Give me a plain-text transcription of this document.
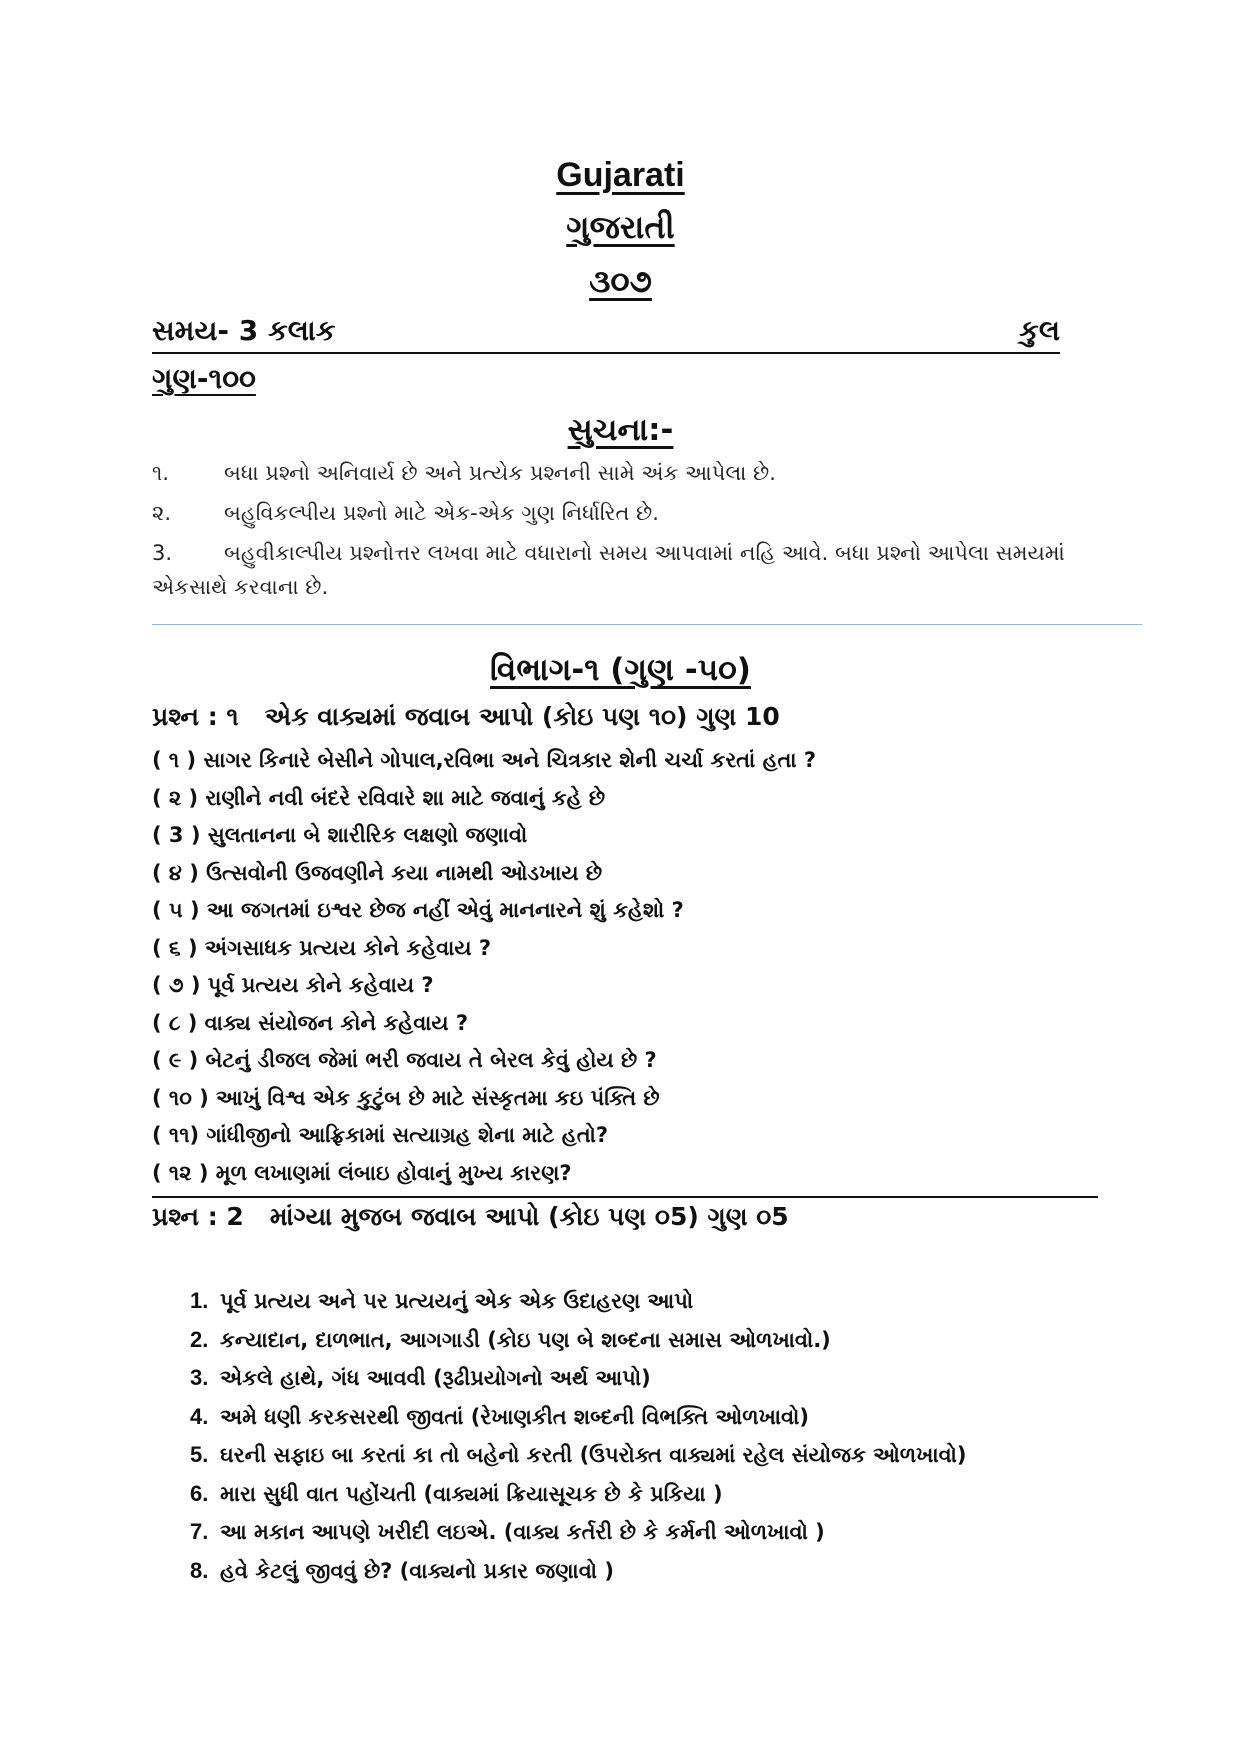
Gujarati
ગુજરાતી
૩૦૭
સમય- 3 કલાક	કુલ
ગુણ-૧૦૦
સુચના:-
૧.	બધા પ્રશ્નો અનિવાર્ય છે અને પ્રત્યેક પ્રશ્નની સામે અંક આપેલા છે.
૨.	બહુવિકલ્પીય પ્રશ્નો માટે એક-એક ગુણ નિર્ધારિત છે.
3. બહુવીકાલ્પીય પ્રશ્નોત્તર લખવા માટે વધારાનો સમય આપવામાં નહિ આવે. બધા પ્રશ્નો આપેલા સમયમાં એકસાથે કરવાના છે.
વિભાગ-૧ (ગુણ -૫૦)
પ્રશ્ન : ૧ એક વાક્યમાં જવાબ આપો (કોઇ પણ ૧૦) ગુણ 10
( ૧ ) સાગર કિનારે બેસીને ગોપાલ,રવિભા અને ચિત્રકાર શેની ચર્ચા કરતાં હતા ?
( ૨ ) રાણીને નવી બંદરે રવિવારે શા માટે જવાનું કહે છે
( 3 ) સુલતાનના બે શારીરિક લક્ષણો જણાવો
( ૪ ) ઉત્સવોની ઉજવણીને કયા નામથી ઓડખાય છે
( ૫ ) આ જગતમાં ઇશ્વર છેજ નહીં એવું માનનારને શું કહેશો ?
( ૬ ) અંગસાધક પ્રત્યય કોને કહેવાય ?
( ૭ ) પૂર્વ પ્રત્યય કોને કહેવાય ?
( ૮ ) વાક્ય સંયોજન કોને કહેવાય ?
( ૯ ) બેટનું ડીજલ જેમાં ભરી જવાય તે બેરલ કેવું હોય છે ?
( ૧૦ ) આખું વિશ્વ એક કુટુંબ છે માટે સંસ્કૃતમા કઇ પંક્તિ છે
( ૧૧) ગાંધીજીનો આફ્રિકામાં સત્યાગ્રહ શેના માટે હતો?
( ૧૨ ) મૂળ લખાણમાં લંબાઇ હોવાનું મુખ્ય કારણ?
પ્રશ્ન : 2 માંગ્યા મુજબ જવાબ આપો (કોઇ પણ ૦5) ગુણ ૦5
1. પૂર્વ પ્રત્યય અને પર પ્રત્યયનું એક એક ઉદાહરણ આપો
2. કન્યાદાન, દાળભાત, આગગાડી (કોઇ પણ બે શબ્દના સમાસ ઓળખાવો.)
3. એકલે હાથે, ગંધ આવવી (રૂઢીપ્રયોગનો અર્થ આપો)
4. અમે ધણી કરકસરથી જીવતાં (રેખાણકીત શબ્દની વિભક્તિ ઓળખાવો)
5. ઘરની સફાઇ બા કરતાં કા તો બહેનો કરતી (ઉપરોક્ત વાક્યમાં રહેલ સંયોજક ઓળખાવો)
6. મારા સુધી વાત પહોંચતી (વાક્યમાં ક્રિયાસૂચક છે કે પ્રકિયા )
7. આ મકાન આપણે ખરીદી લઇએ. (વાક્ય કર્તરી છે કે કર્મની ઓળખાવો )
8. હવે કેટલું જીવવું છે? (વાક્યનો પ્રકાર જણાવો )
